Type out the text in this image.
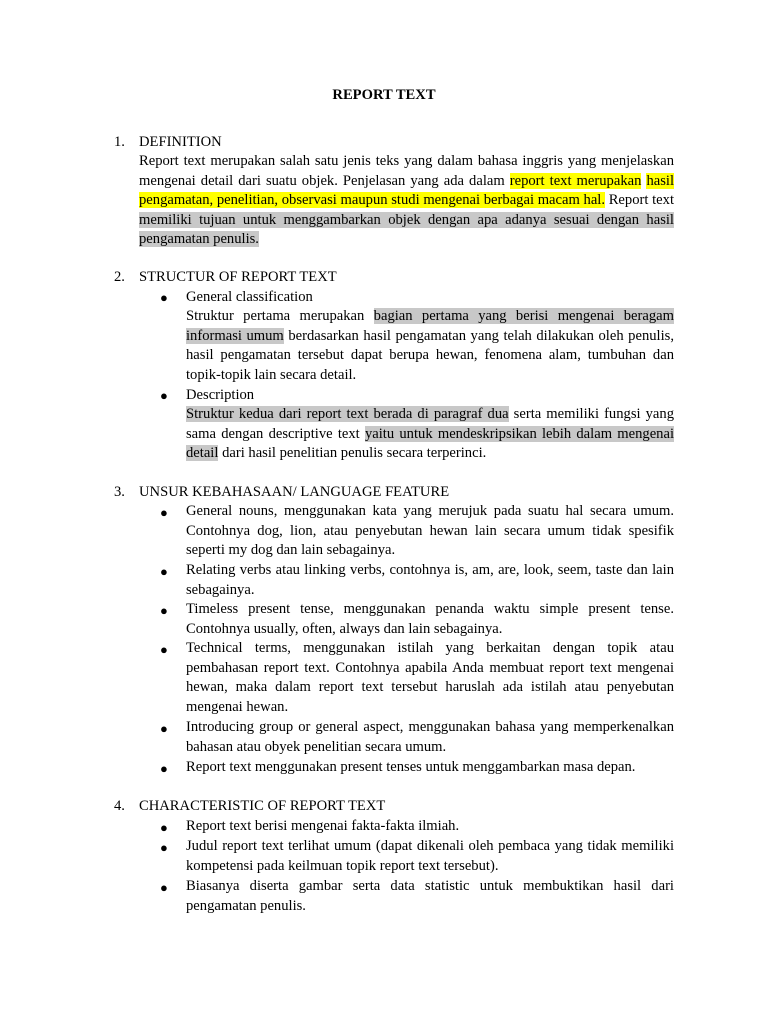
REPORT TEXT
1. DEFINITION
Report text merupakan salah satu jenis teks yang dalam bahasa inggris yang menjelaskan mengenai detail dari suatu objek. Penjelasan yang ada dalam report text merupakan hasil pengamatan, penelitian, observasi maupun studi mengenai berbagai macam hal. Report text memiliki tujuan untuk menggambarkan objek dengan apa adanya sesuai dengan hasil pengamatan penulis.
2. STRUCTUR OF REPORT TEXT
● General classification
Struktur pertama merupakan bagian pertama yang berisi mengenai beragam informasi umum berdasarkan hasil pengamatan yang telah dilakukan oleh penulis, hasil pengamatan tersebut dapat berupa hewan, fenomena alam, tumbuhan dan topik-topik lain secara detail.
● Description
Struktur kedua dari report text berada di paragraf dua serta memiliki fungsi yang sama dengan descriptive text yaitu untuk mendeskripsikan lebih dalam mengenai detail dari hasil penelitian penulis secara terperinci.
3. UNSUR KEBAHASAAN/ LANGUAGE FEATURE
● General nouns, menggunakan kata yang merujuk pada suatu hal secara umum. Contohnya dog, lion, atau penyebutan hewan lain secara umum tidak spesifik seperti my dog dan lain sebagainya.
● Relating verbs atau linking verbs, contohnya is, am, are, look, seem, taste dan lain sebagainya.
● Timeless present tense, menggunakan penanda waktu simple present tense. Contohnya usually, often, always dan lain sebagainya.
● Technical terms, menggunakan istilah yang berkaitan dengan topik atau pembahasan report text. Contohnya apabila Anda membuat report text mengenai hewan, maka dalam report text tersebut haruslah ada istilah atau penyebutan mengenai hewan.
● Introducing group or general aspect, menggunakan bahasa yang memperkenalkan bahasan atau obyek penelitian secara umum.
● Report text menggunakan present tenses untuk menggambarkan masa depan.
4. CHARACTERISTIC OF REPORT TEXT
● Report text berisi mengenai fakta-fakta ilmiah.
● Judul report text terlihat umum (dapat dikenali oleh pembaca yang tidak memiliki kompetensi pada keilmuan topik report text tersebut).
● Biasanya diserta gambar serta data statistic untuk membuktikan hasil dari pengamatan penulis.
